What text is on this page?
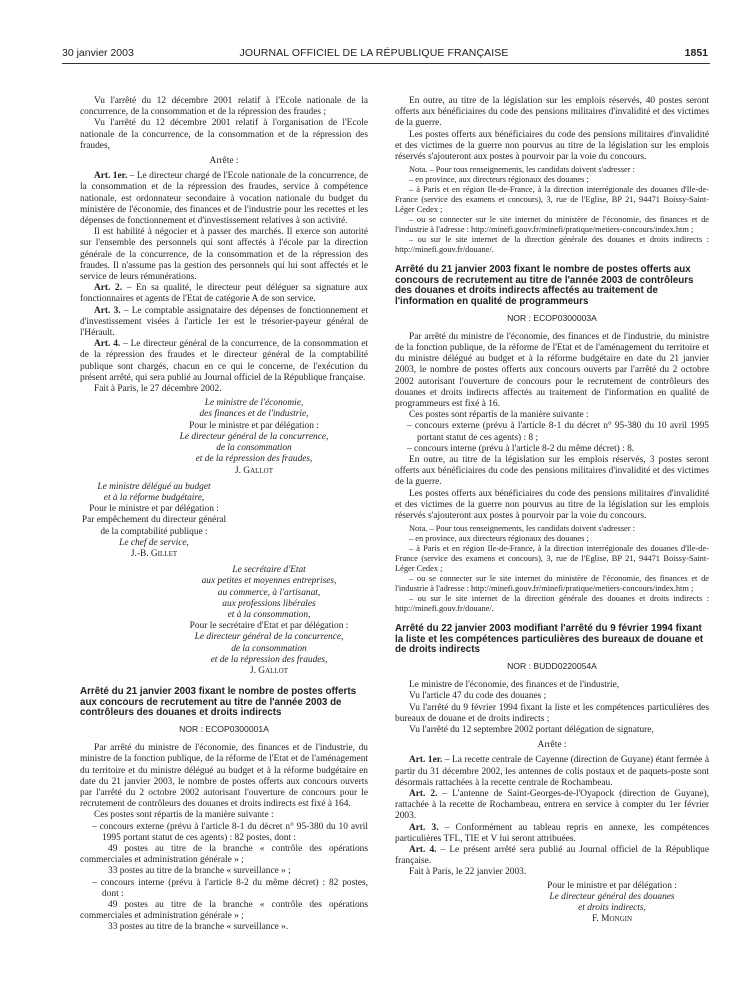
30 janvier 2003	JOURNAL OFFICIEL DE LA RÉPUBLIQUE FRANÇAISE	1851

Vu l'arrêté du 12 décembre 2001 relatif à l'Ecole nationale de la concurrence, de la consommation et de la répression des fraudes ;

Vu l'arrêté du 12 décembre 2001 relatif à l'organisation de l'Ecole nationale de la concurrence, de la consommation et de la répression des fraudes,

Arrête :

Art. 1er. – Le directeur chargé de l'Ecole nationale de la concurrence, de la consommation et de la répression des fraudes, service à compétence nationale, est ordonnateur secondaire à vocation nationale du budget du ministère de l'économie, des finances et de l'industrie pour les recettes et les dépenses de fonctionnement et d'investissement relatives à son activité.

Il est habilité à négocier et à passer des marchés. Il exerce son autorité sur l'ensemble des personnels qui sont affectés à l'école par la direction générale de la concurrence, de la consommation et de la répression des fraudes. Il n'assume pas la gestion des personnels qui lui sont affectés et le service de leurs rémunérations.

Art. 2. – En sa qualité, le directeur peut déléguer sa signature aux fonctionnaires et agents de l'Etat de catégorie A de son service.

Art. 3. – Le comptable assignataire des dépenses de fonctionnement et d'investissement visées à l'article 1er est le trésorier-payeur général de l'Hérault.

Art. 4. – Le directeur général de la concurrence, de la consommation et de la répression des fraudes et le directeur général de la comptabilité publique sont chargés, chacun en ce qui le concerne, de l'exécution du présent arrêté, qui sera publié au Journal officiel de la République française.

Fait à Paris, le 27 décembre 2002.

Le ministre de l'économie,

des finances et de l'industrie,

Pour le ministre et par délégation :

Le directeur général de la concurrence,

de la consommation

et de la répression des fraudes,

J. Gallot

Le ministre délégué au budget

et à la réforme budgétaire,

Pour le ministre et par délégation :

Par empêchement du directeur général

de la comptabilité publique :

Le chef de service,

J.-B. Gillet

Le secrétaire d'Etat

aux petites et moyennes entreprises,

au commerce, à l'artisanat,

aux professions libérales

et à la consommation,

Pour le secrétaire d'Etat et par délégation :

Le directeur général de la concurrence,

de la consommation

et de la répression des fraudes,

J. Gallot

Arrêté du 21 janvier 2003 fixant le nombre de postes offerts aux concours de recrutement au titre de l'année 2003 de contrôleurs des douanes et droits indirects

NOR : ECOP0300001A

Par arrêté du ministre de l'économie, des finances et de l'industrie, du ministre de la fonction publique, de la réforme de l'Etat et de l'aménagement du territoire et du ministre délégué au budget et à la réforme budgétaire en date du 21 janvier 2003, le nombre de postes offerts aux concours ouverts par l'arrêté du 2 octobre 2002 autorisant l'ouverture de concours pour le recrutement de contrôleurs des douanes et droits indirects est fixé à 164.

Ces postes sont répartis de la manière suivante :

– concours externe (prévu à l'article 8-1 du décret n° 95-380 du 10 avril 1995 portant statut de ces agents) : 82 postes, dont :

49 postes au titre de la branche « contrôle des opérations commerciales et administration générale » ;

33 postes au titre de la branche « surveillance » ;

– concours interne (prévu à l'article 8-2 du même décret) : 82 postes, dont :

49 postes au titre de la branche « contrôle des opérations commerciales et administration générale » ;

33 postes au titre de la branche « surveillance ».

En outre, au titre de la législation sur les emplois réservés, 40 postes seront offerts aux bénéficiaires du code des pensions militaires d'invalidité et des victimes de la guerre.

Les postes offerts aux bénéficiaires du code des pensions militaires d'invalidité et des victimes de la guerre non pourvus au titre de la législation sur les emplois réservés s'ajouteront aux postes à pourvoir par la voie du concours.

Nota. – Pour tous renseignements, les candidats doivent s'adresser :

– en province, aux directeurs régionaux des douanes ;

– à Paris et en région Ile-de-France, à la direction interrégionale des douanes d'Ile-de-France (service des examens et concours), 3, rue de l'Eglise, BP 21, 94471 Boissy-Saint-Léger Cedex ;

– ou se connecter sur le site internet du ministère de l'économie, des finances et de l'industrie à l'adresse : http://minefi.gouv.fr/minefi/pratique/metiers-concours/index.htm ;

– ou sur le site internet de la direction générale des douanes et droits indirects : http://minefi.gouv.fr/douane/.

Arrêté du 21 janvier 2003 fixant le nombre de postes offerts aux concours de recrutement au titre de l'année 2003 de contrôleurs des douanes et droits indirects affectés au traitement de l'information en qualité de programmeurs

NOR : ECOP0300003A

Par arrêté du ministre de l'économie, des finances et de l'industrie, du ministre de la fonction publique, de la réforme de l'Etat et de l'aménagement du territoire et du ministre délégué au budget et à la réforme budgétaire en date du 21 janvier 2003, le nombre de postes offerts aux concours ouverts par l'arrêté du 2 octobre 2002 autorisant l'ouverture de concours pour le recrutement de contrôleurs des douanes et droits indirects affectés au traitement de l'information en qualité de programmeurs est fixé à 16.

Ces postes sont répartis de la manière suivante :

– concours externe (prévu à l'article 8-1 du décret n° 95-380 du 10 avril 1995 portant statut de ces agents) : 8 ;

– concours interne (prévu à l'article 8-2 du même décret) : 8.

En outre, au titre de la législation sur les emplois réservés, 3 postes seront offerts aux bénéficiaires du code des pensions militaires d'invalidité et des victimes de la guerre.

Les postes offerts aux bénéficiaires du code des pensions militaires d'invalidité et des victimes de la guerre non pourvus au titre de la législation sur les emplois réservés s'ajouteront aux postes à pourvoir par la voie du concours.

Nota. – Pour tous renseignements, les candidats doivent s'adresser :

– en province, aux directeurs régionaux des douanes ;

– à Paris et en région Ile-de-France, à la direction interrégionale des douanes d'Ile-de-France (service des examens et concours), 3, rue de l'Eglise, BP 21, 94471 Boissy-Saint-Léger Cedex ;

– ou se connecter sur le site internet du ministère de l'économie, des finances et de l'industrie à l'adresse : http://minefi.gouv.fr/minefi/pratique/metiers-concours/index.htm ;

– ou sur le site internet de la direction générale des douanes et droits indirects : http://minefi.gouv.fr/douane/.

Arrêté du 22 janvier 2003 modifiant l'arrêté du 9 février 1994 fixant la liste et les compétences particulières des bureaux de douane et de droits indirects

NOR : BUDD0220054A

Le ministre de l'économie, des finances et de l'industrie,

Vu l'article 47 du code des douanes ;

Vu l'arrêté du 9 février 1994 fixant la liste et les compétences particulières des bureaux de douane et de droits indirects ;

Vu l'arrêté du 12 septembre 2002 portant délégation de signature,

Arrête :

Art. 1er. – La recette centrale de Cayenne (direction de Guyane) étant fermée à partir du 31 décembre 2002, les antennes de colis postaux et de paquets-poste sont désormais rattachées à la recette centrale de Rochambeau.

Art. 2. – L'antenne de Saint-Georges-de-l'Oyapock (direction de Guyane), rattachée à la recette de Rochambeau, entrera en service à compter du 1er février 2003.

Art. 3. – Conformément au tableau repris en annexe, les compétences particulières TFL, TIE et V lui seront attribuées.

Art. 4. – Le présent arrêté sera publié au Journal officiel de la République française.

Fait à Paris, le 22 janvier 2003.

Pour le ministre et par délégation :

Le directeur général des douanes

et droits indirects,

F. Mongin
